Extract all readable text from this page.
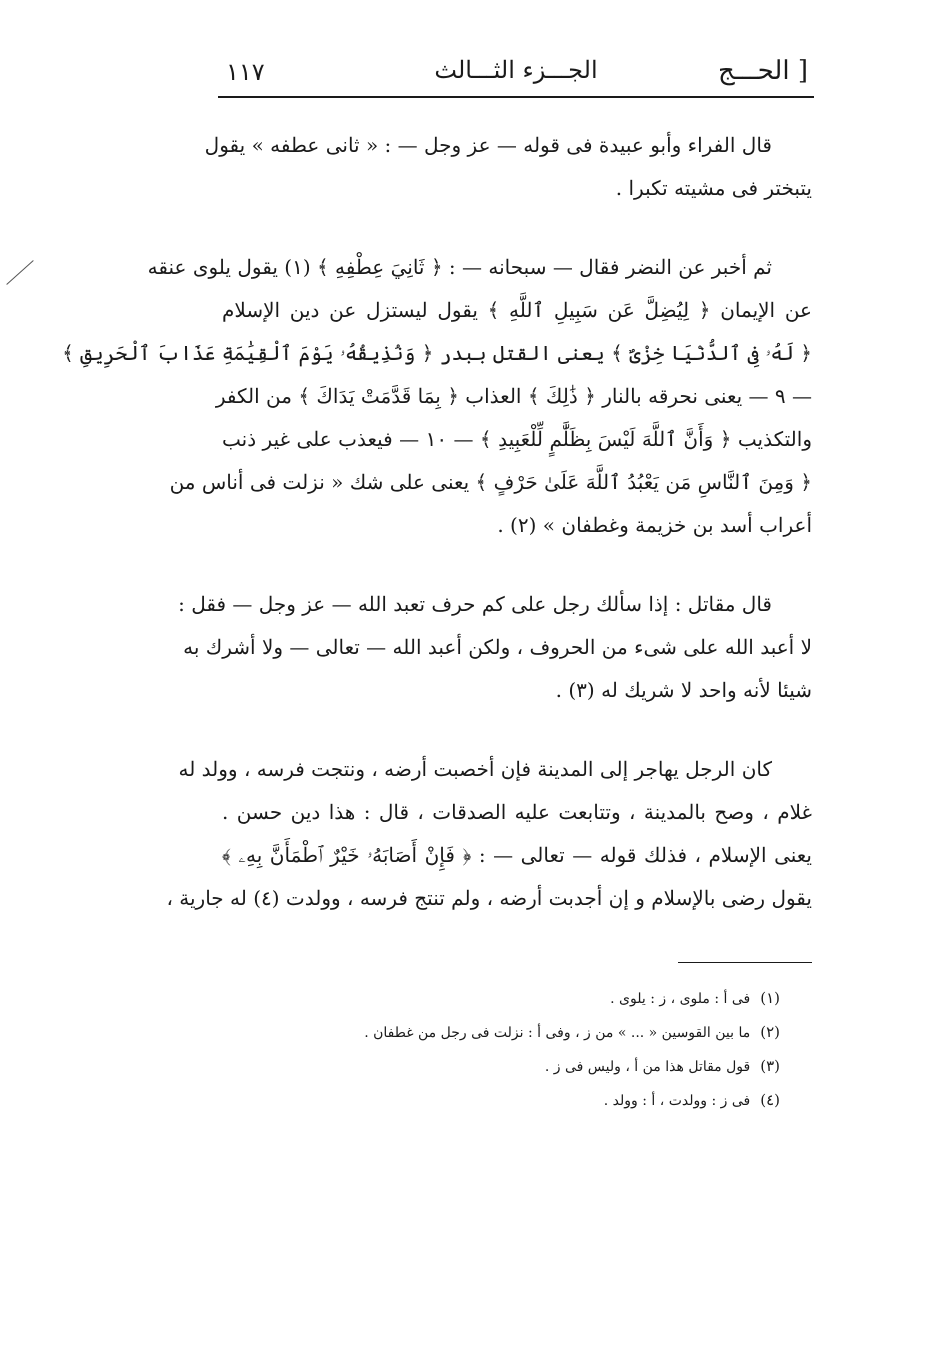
١١٧	الجـــزء الثـــالث	الحـــج ]

قال الفراء وأبو عبيدة فى قوله — عز وجل — : « ثانى عطفه » يقول

يتبختر فى مشيته تكبرا .

ثم أخبر عن النضر فقال — سبحانه — : ﴿ ثَانِيَ عِطْفِهِ ﴾ (١) يقول يلوى عنقه

عن الإيمان ﴿ لِيُضِلَّ عَن سَبِيلِ ٱللَّهِ ﴾ يقول ليستزل عن دين الإسلام

﴿ لَهُۥ فِى ٱلدُّنْيَا خِزْىٌ ﴾ يعنى القتل ببدر ﴿ وَنُذِيقُهُۥ يَوْمَ ٱلْقِيَٰمَةِ عَذَابَ ٱلْحَرِيقِ ﴾

— ٩ — يعنى نحرقه بالنار ﴿ ذَٰلِكَ ﴾ العذاب ﴿ بِمَا قَدَّمَتْ يَدَاكَ ﴾ من الكفر

والتكذيب ﴿ وَأَنَّ ٱللَّهَ لَيْسَ بِظَلَّٰمٍ لِّلْعَبِيدِ ﴾ — ١٠ — فيعذب على غير ذنب

﴿ وَمِنَ ٱلنَّاسِ مَن يَعْبُدُ ٱللَّهَ عَلَىٰ حَرْفٍ ﴾ يعنى على شك « نزلت فى أناس من

أعراب أسد بن خزيمة وغطفان » (٢) .

قال مقاتل : إذا سألك رجل على كم حرف تعبد الله — عز وجل — فقل :

لا أعبد الله على شىء من الحروف ، ولكن أعبد الله — تعالى — ولا أشرك به

شيئا لأنه واحد لا شريك له (٣) .

كان الرجل يهاجر إلى المدينة فإن أخصبت أرضه ، ونتجت فرسه ، وولد له

غلام ، وصح بالمدينة ، وتتابعت عليه الصدقات ، قال : هذا دين حسن .

يعنى الإسلام ، فذلك قوله — تعالى — : ﴿ فَإِنْ أَصَابَهُۥ خَيْرٌ ٱطْمَأَنَّ بِهِۦ ﴾

يقول رضى بالإسلام و إن أجدبت أرضه ، ولم تنتج فرسه ، وولدت (٤) له جارية ،

(١)فى أ : ملوى ، ز : يلوى .

(٢)ما بين القوسين « ... » من ز ، وفى أ : نزلت فى رجل من غطفان .

(٣)قول مقاتل هذا من أ ، وليس فى ز .

(٤)فى ز : وولدت ، أ : وولد .
